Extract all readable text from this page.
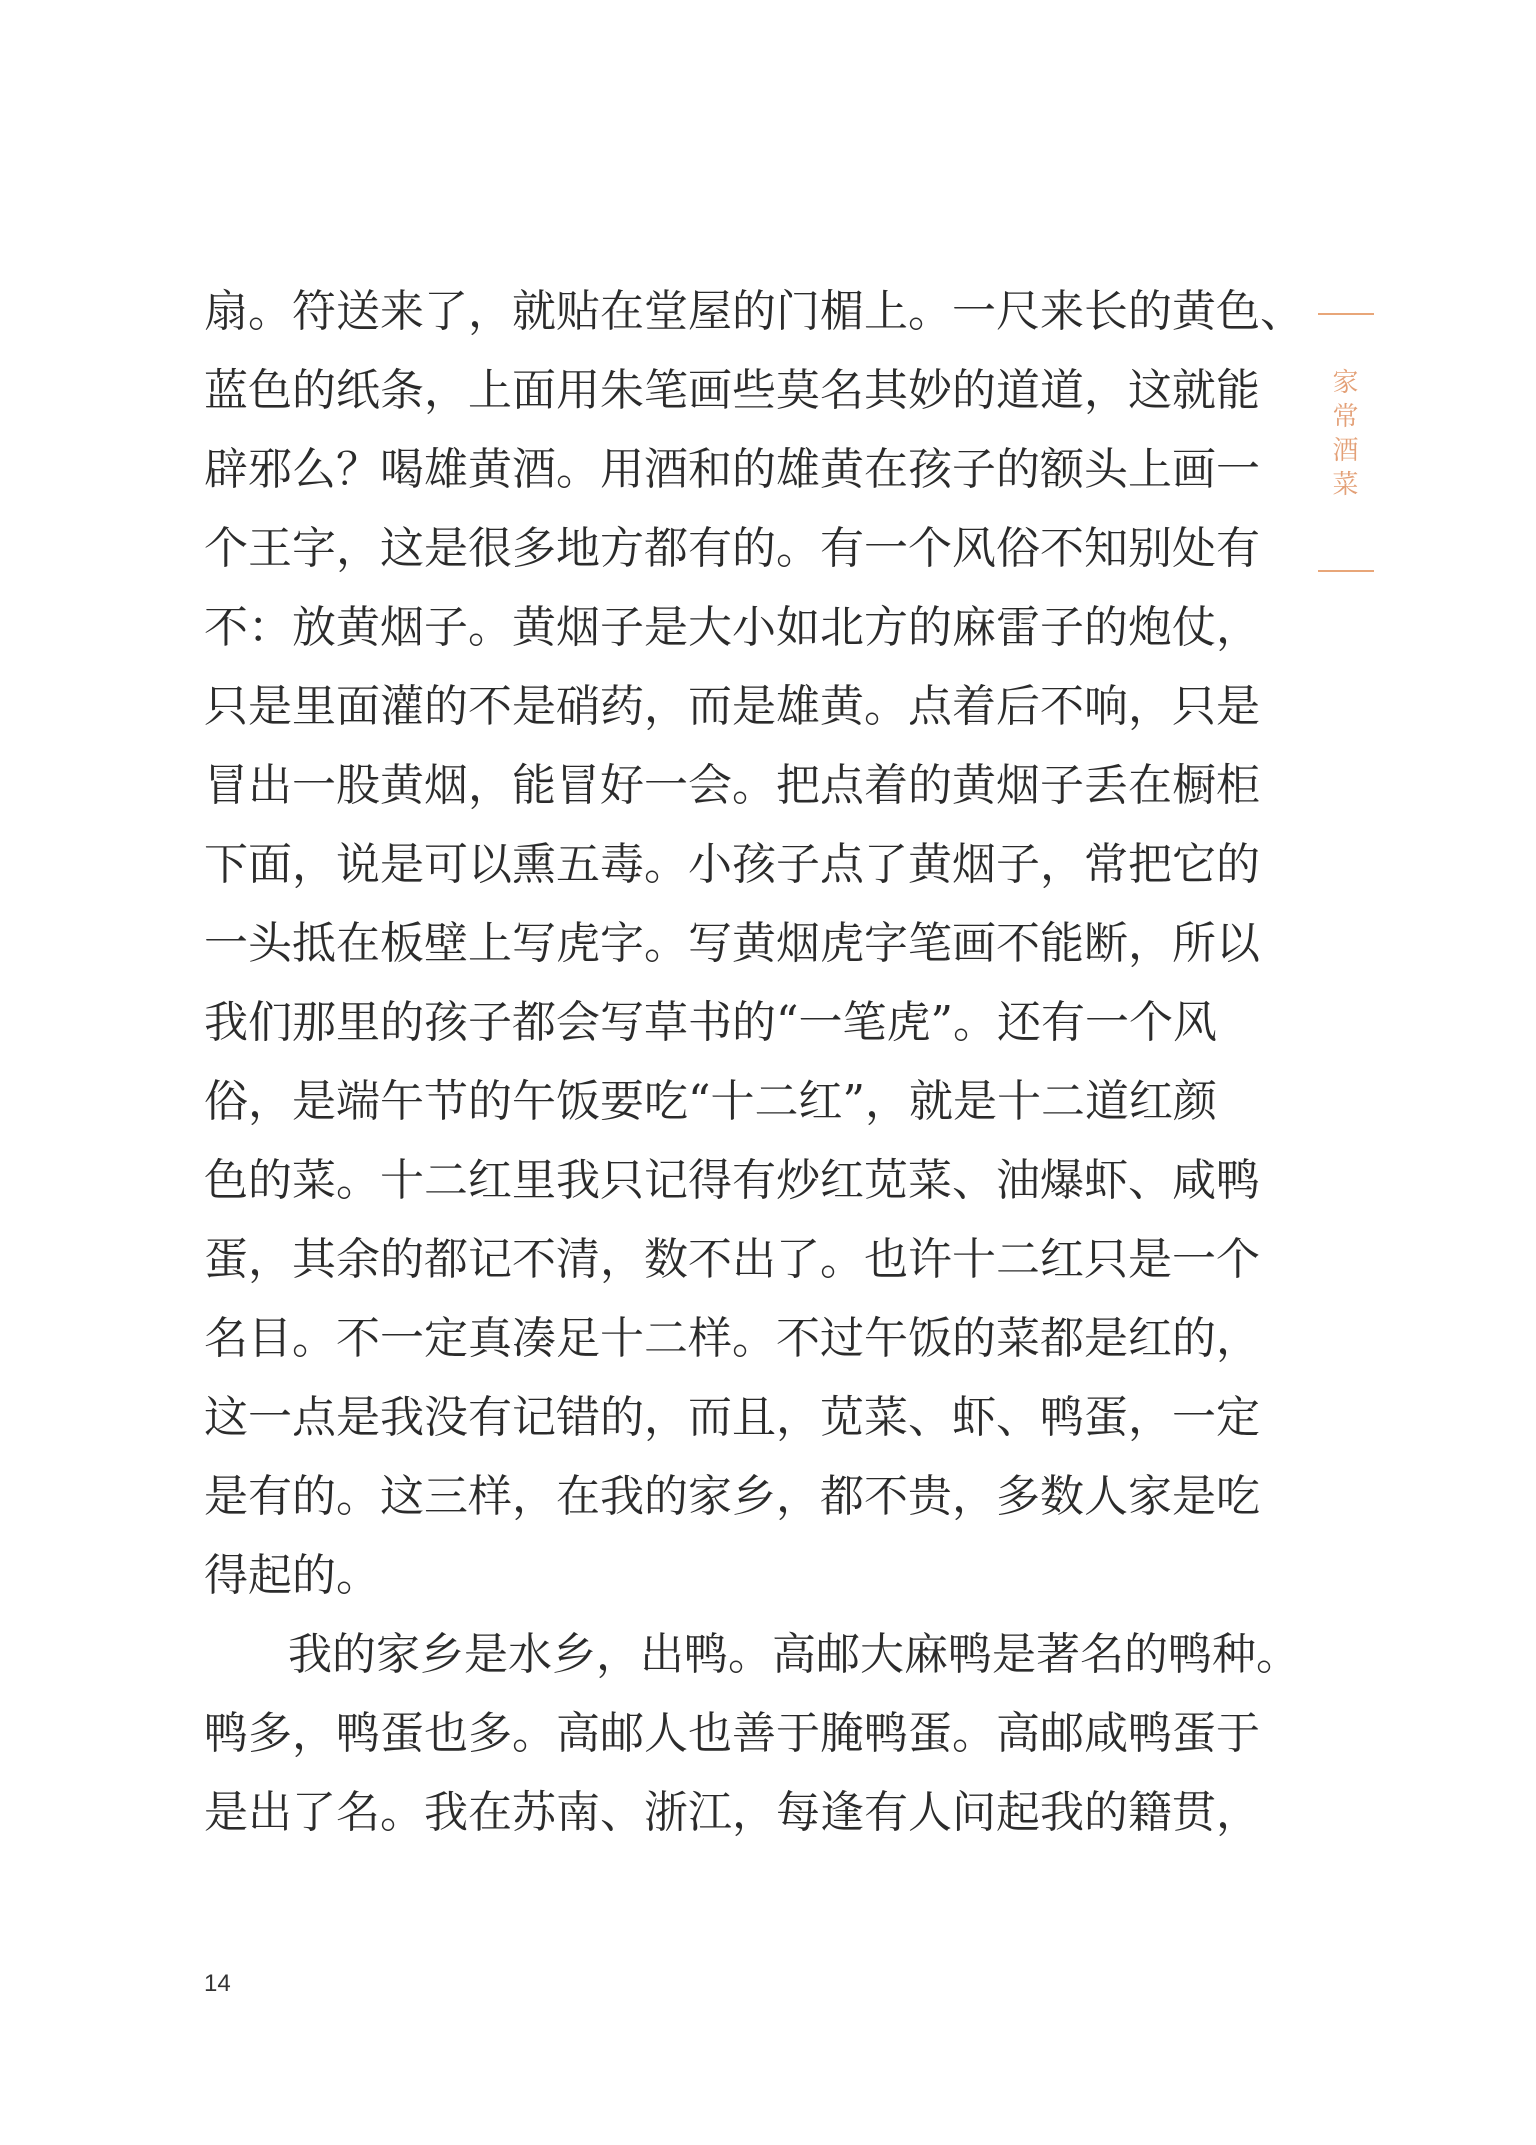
家常酒菜
扇。符送来了，就贴在堂屋的门楣上。一尺来长的黄色、
蓝色的纸条，上面用朱笔画些莫名其妙的道道，这就能
辟邪么？喝雄黄酒。用酒和的雄黄在孩子的额头上画一
个王字，这是很多地方都有的。有一个风俗不知别处有
不：放黄烟子。黄烟子是大小如北方的麻雷子的炮仗，
只是里面灌的不是硝药，而是雄黄。点着后不响，只是
冒出一股黄烟，能冒好一会。把点着的黄烟子丢在橱柜
下面，说是可以熏五毒。小孩子点了黄烟子，常把它的
一头抵在板壁上写虎字。写黄烟虎字笔画不能断，所以
我们那里的孩子都会写草书的“一笔虎”。还有一个风
俗，是端午节的午饭要吃“十二红”，就是十二道红颜
色的菜。十二红里我只记得有炒红苋菜、油爆虾、咸鸭
蛋，其余的都记不清，数不出了。也许十二红只是一个
名目。不一定真凑足十二样。不过午饭的菜都是红的，
这一点是我没有记错的，而且，苋菜、虾、鸭蛋，一定
是有的。这三样，在我的家乡，都不贵，多数人家是吃
得起的。
我的家乡是水乡，出鸭。高邮大麻鸭是著名的鸭种。
鸭多，鸭蛋也多。高邮人也善于腌鸭蛋。高邮咸鸭蛋于
是出了名。我在苏南、浙江，每逢有人问起我的籍贯，
14
